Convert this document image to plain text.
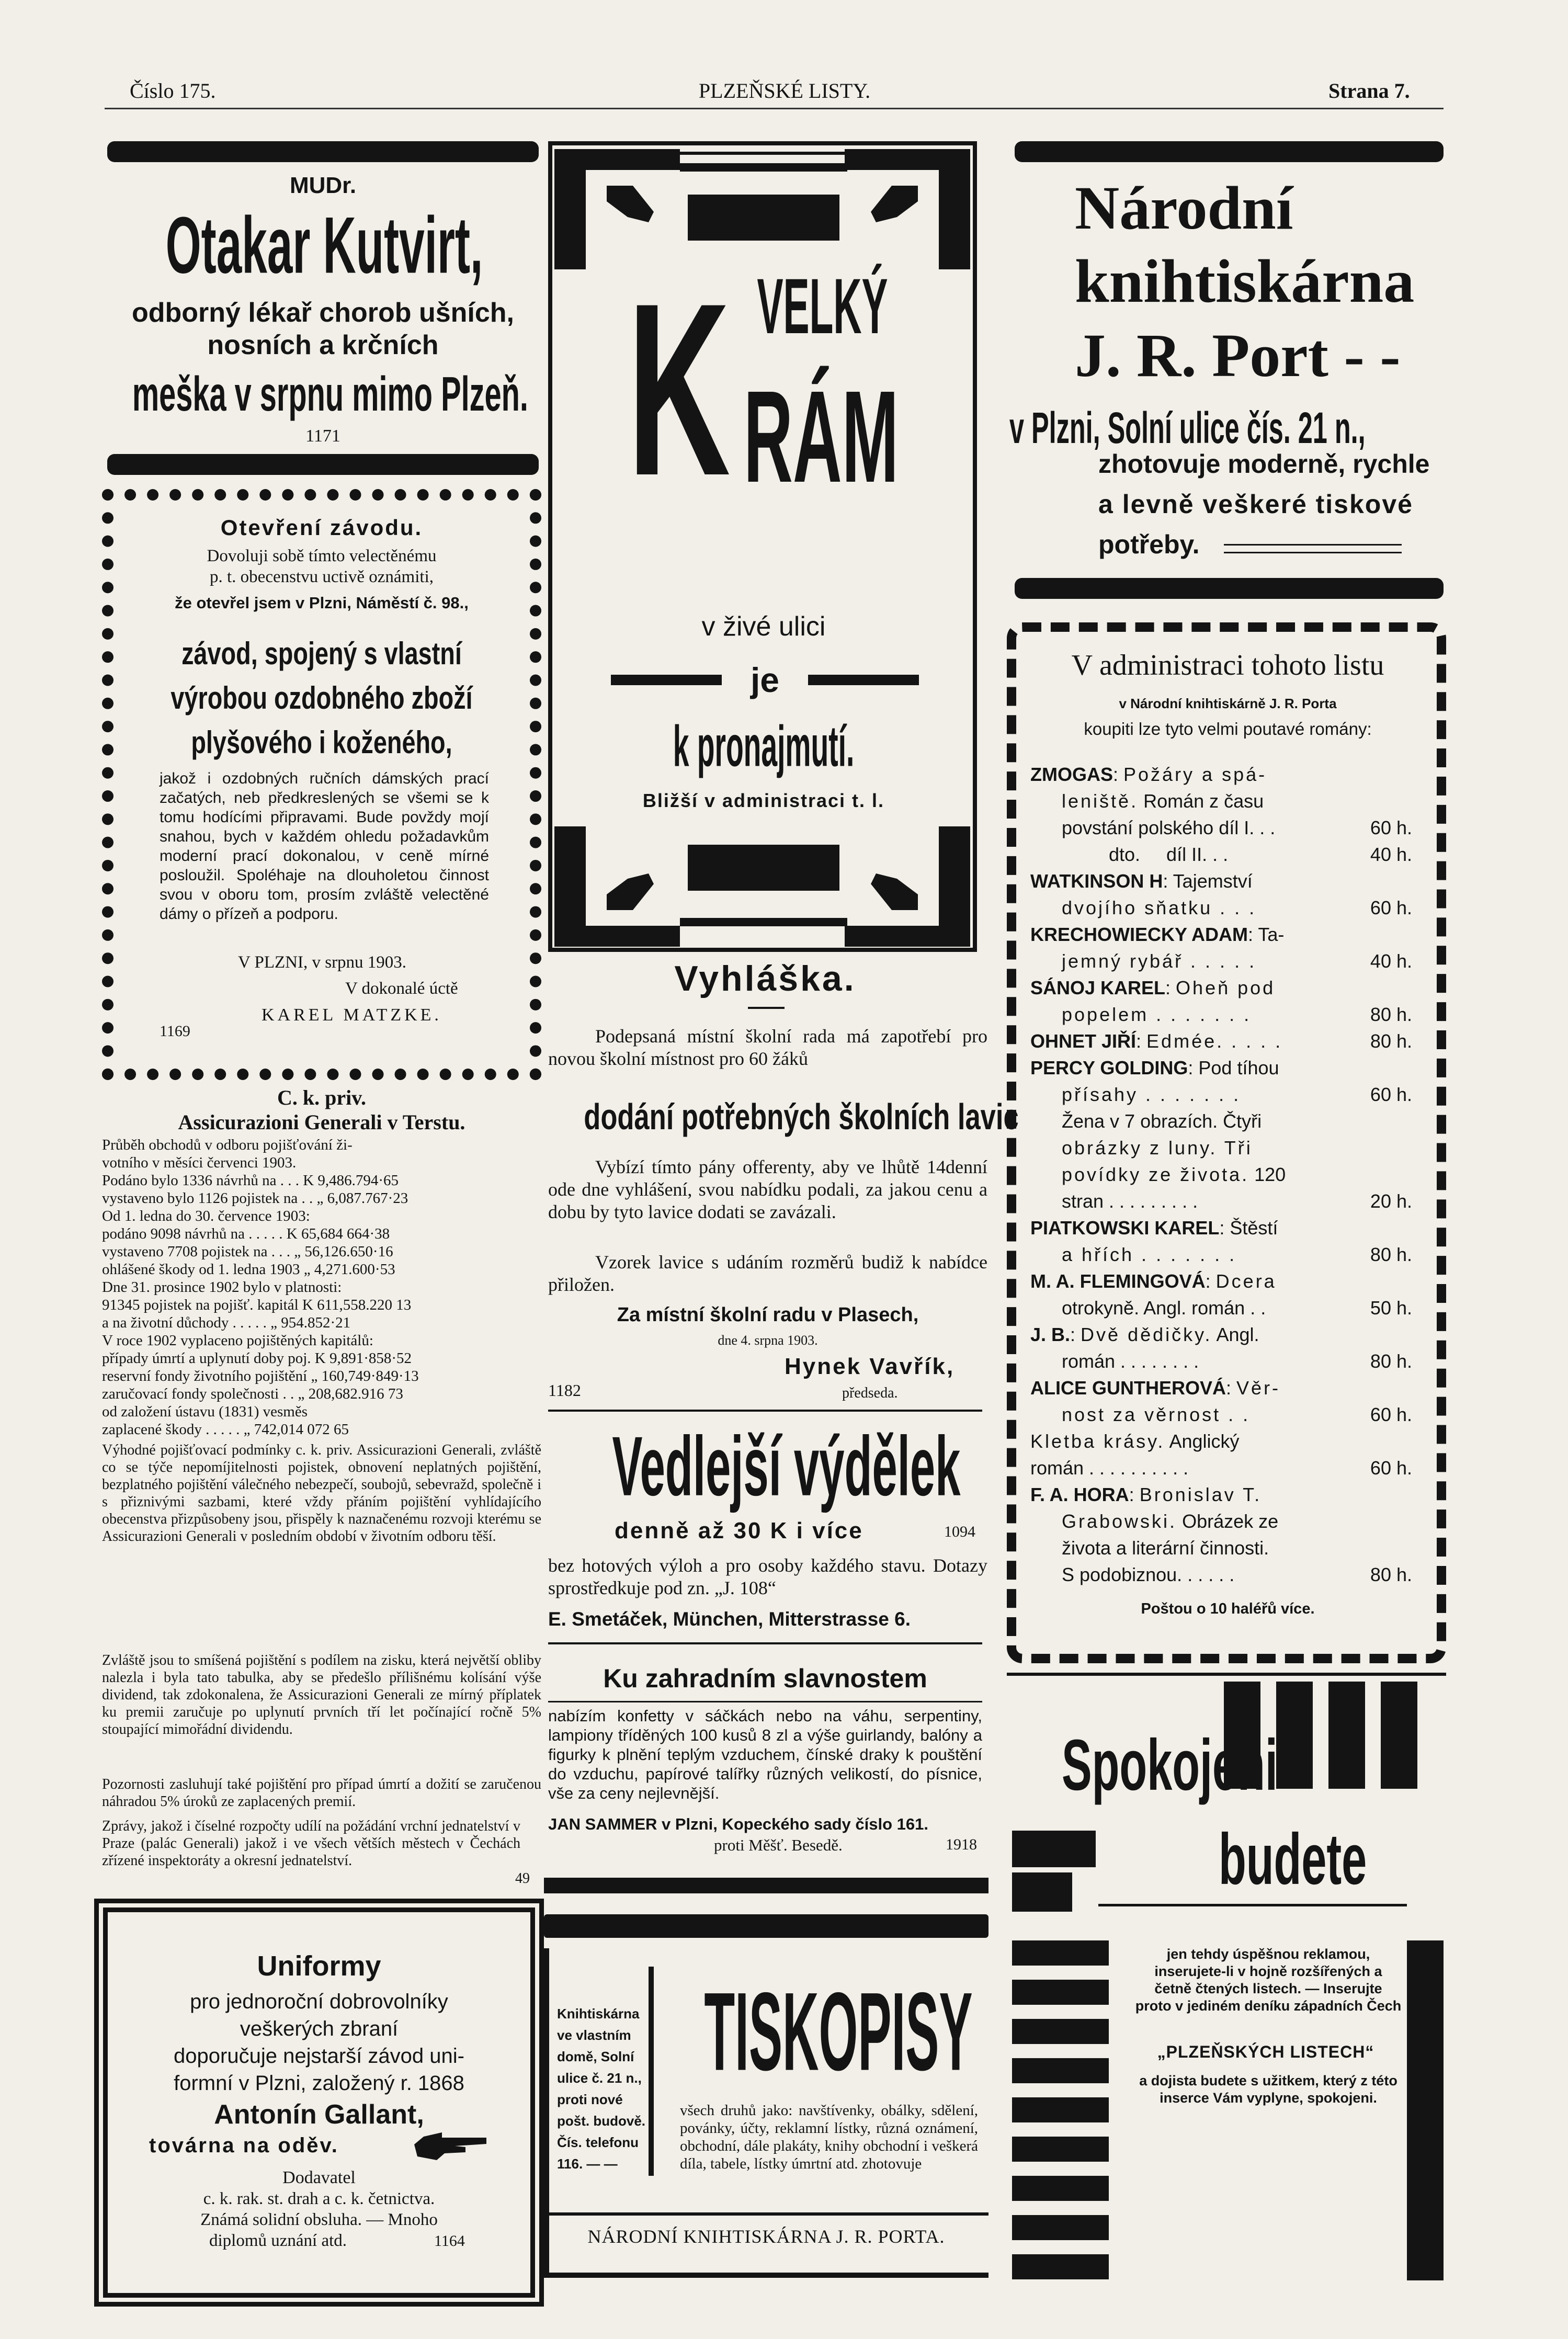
Číslo 175.	PLZEŇSKÉ LISTY.	Strana 7.
MUDr.
Otakar Kutvirt,
odborný lékař chorob ušních,
nosních a krčních
meška v srpnu mimo Plzeň.
1171
Otevření závodu.
Dovoluji sobě tímto velectěnému
p. t. obecenstvu uctivě oznámiti,
že otevřel jsem v Plzni, Náměstí č. 98.,
závod, spojený s vlastní
výrobou ozdobného zboží
plyšového i koženého,
jakož i ozdobných ručních dámských prací začatých, neb předkreslených se všemi se k tomu hodícími připravami. Bude povždy mojí snahou, bych v každém ohledu požadavkům moderní prací dokonalou, v ceně mírné posloužil. Spoléhaje na dlouholetou činnost svou v oboru tom, prosím zvláště velectěné dámy o přízeň a podporu.
V PLZNI, v srpnu 1903.
V dokonalé úctě
KAREL MATZKE.
1169
C. k. priv.
Assicurazioni Generali v Terstu.
Průběh obchodů v odboru pojišťování ži-
votního v měsíci červenci 1903.
Podáno bylo 1336 návrhů na . . . K 9,486.794·65
vystaveno bylo 1126 pojistek na . . „ 6,087.767·23
Od 1. ledna do 30. července 1903:
podáno 9098 návrhů na . . . . . K 65,684 664·38
vystaveno 7708 pojistek na . . . „ 56,126.650·16
ohlášené škody od 1. ledna 1903 „ 4,271.600·53
Dne 31. prosince 1902 bylo v platnosti:
91345 pojistek na pojišť. kapitál K 611,558.220 13
a na životní důchody . . . . . „ 954.852·21
V roce 1902 vyplaceno pojištěných kapitálů:
případy úmrtí a uplynutí doby poj. K 9,891·858·52
reservní fondy životního pojištění „ 160,749·849·13
zaručovací fondy společnosti . . „ 208,682.916 73
od založení ústavu (1831) vesměs
zaplacené škody . . . . . „ 742,014 072 65
Výhodné pojišťovací podmínky c. k. priv. Assicurazioni Generali, zvláště co se týče nepomíjitelnosti pojistek, obnovení neplatných pojištění, bezplatného pojištění válečného nebezpečí, soubojů, sebevražd, společně i s přiznivými sazbami, které vždy přáním pojištění vyhlídajícího obecenstva přizpůsobeny jsou, přispěly k naznačenému rozvoji kterému se Assicurazioni Generali v posledním období v životním odboru těší.
Zvláště jsou to smíšená pojištění s podílem na zisku, která největší obliby nalezla i byla tato tabulka, aby se předešlo přílišnému kolísání výše dividend, tak zdokonalena, že Assicurazioni Generali ze mírný příplatek ku premii zaručuje po uplynutí prvních tří let počínající ročně 5% stoupající mimořádní dividendu.
Pozornosti zasluhují také pojištění pro případ úmrtí a dožití se zaručenou náhradou 5% úroků ze zaplacených premií.
Zprávy, jakož i číselné rozpočty udílí na požádání vrchní jednatelství v Praze (palác Generali) jakož i ve všech větších městech v Čechách zřízené inspektoráty a okresní jednatelství.
49
Uniformy
pro jednoroční dobrovolníky
veškerých zbraní
doporučuje nejstarší závod uni-
formní v Plzni, založený r. 1868
Antonín Gallant,
továrna na oděv.
Dodavatel
c. k. rak. st. drah a c. k. četnictva.
Známá solidní obsluha. — Mnoho
diplomů uznání atd.	1164
K VELKÝ
RÁM
v živé ulici
je
k pronajmutí.
Bližší v administraci t. l.
Vyhláška.
Podepsaná místní školní rada má zapotřebí pro novou školní místnost pro 60 žáků
dodání potřebných školních lavic
Vybízí tímto pány offerenty, aby ve lhůtě 14denní ode dne vyhlášení, svou nabídku podali, za jakou cenu a dobu by tyto lavice dodati se zavázali.
Vzorek lavice s udáním rozměrů budiž k nabídce přiložen.
Za místní školní radu v Plasech,
dne 4. srpna 1903.
Hynek Vavřík,
1182	předseda.
Vedlejší výdělek
denně až 30 K i více	1094
bez hotových výloh a pro osoby každého stavu. Dotazy sprostředkuje pod zn. „J. 108“
E. Smetáček, München, Mitterstrasse 6.
Ku zahradním slavnostem
nabízím konfetty v sáčkách nebo na váhu, serpentiny, lampiony tříděných 100 kusů 8 zl a výše guirlandy, balóny a figurky k plnění teplým vzduchem, čínské draky k pouštění do vzduchu, papírové talířky různých velikostí, do písnice, vše za ceny nejlevnější.
JAN SAMMER v Plzni, Kopeckého sady číslo 161.
proti Měšť. Besedě.	1918
Knihtiskárna
ve vlastním
domě, Solní
ulice č. 21 n.,
proti nové
pošt. budově.
Čís. telefonu
116. — —
TISKOPISY
všech druhů jako: navštívenky, obálky, sdělení, povánky, účty, reklamní lístky, různá oznámení, obchodní, dále plakáty, knihy obchodní i veškerá díla, tabele, lístky úmrtní atd. zhotovuje
NÁRODNÍ KNIHTISKÁRNA J. R. PORTA.
Národní
knihtiskárna
J. R. Port - -
v Plzni, Solní ulice čís. 21 n.,
zhotovuje moderně, rychle
a levně veškeré tiskové
potřeby.
V administraci tohoto listu
v Národní knihtiskárně J. R. Porta
koupiti lze tyto velmi poutavé romány:
ZMOGAS: Požáry a spá-
leniště. Román z času
povstání polského díl I. . .	60 h.
dto.     díl II. . .	40 h.
WATKINSON H: Tajemství
dvojího sňatku . . .	60 h.
KRECHOWIECKY ADAM: Ta-
jemný rybář . . . . .	40 h.
SÁNOJ KAREL: Oheň pod
popelem . . . . . . .	80 h.
OHNET JIŘÍ: Edmée. . . . .	80 h.
PERCY GOLDING: Pod tíhou
přísahy . . . . . . .	60 h.
Žena v 7 obrazích. Čtyři
obrázky z luny. Tři
povídky ze života. 120
stran . . . . . . . . .	20 h.
PIATKOWSKI KAREL: Štěstí
a hřích . . . . . . .	80 h.
M. A. FLEMINGOVÁ: Dcera
otrokyně. Angl. román . .	50 h.
J. B.: Dvě dědičky. Angl.
román . . . . . . . .	80 h.
ALICE GUNTHEROVÁ: Věr-
nost za věrnost . .	60 h.
Kletba krásy. Anglický
román . . . . . . . . . .	60 h.
F. A. HORA: Bronislav T.
Grabowski. Obrázek ze
života a literární činnosti.
S podobiznou. . . . . .	80 h.
Poštou o 10 haléřů více.
Spokojeni
budete
jen tehdy úspěšnou reklamou, inserujete-li v hojně rozšířených a četně čtených listech. — Inserujte proto v jediném deníku západních Čech
„PLZEŇSKÝCH LISTECH“
a dojista budete s užitkem, který z této inserce Vám vyplyne, spokojeni.
